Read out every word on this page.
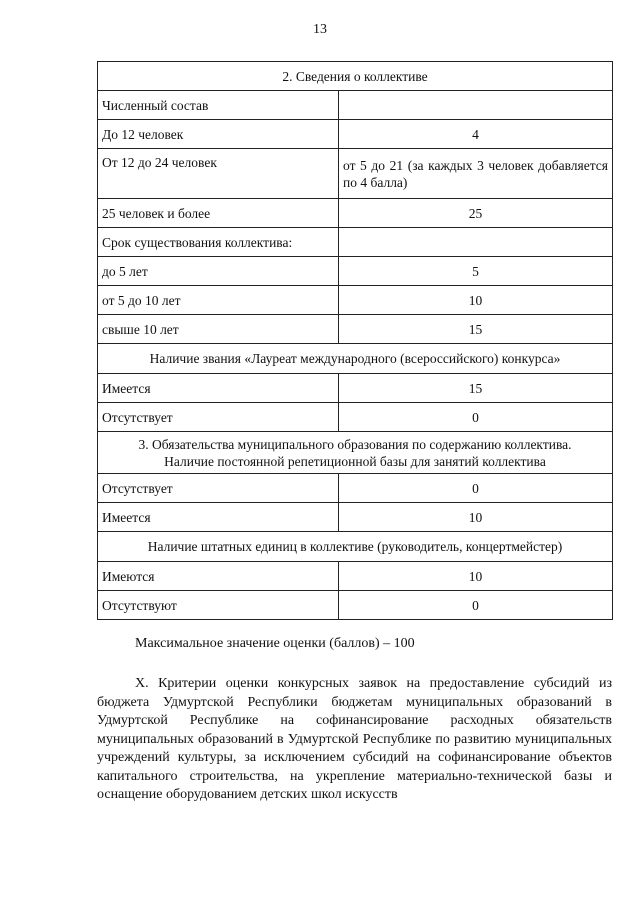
13
2. Сведения о коллективе	
Численный состав	
До 12 человек	4
От 12 до 24 человек	от 5 до 21 (за каждых 3 человек добавляется по 4 балла)
25 человек и более	25
Срок существования коллектива:	
до 5 лет	5
от 5 до 10 лет	10
свыше 10 лет	15
Наличие звания «Лауреат международного (всероссийского) конкурса»	
Имеется	15
Отсутствует	0

3. Обязательства муниципального образования по содержанию коллектива.
Наличие постоянной репетиционной базы для занятий коллектива	

Отсутствует	0
Имеется	10
Наличие штатных единиц в коллективе (руководитель, концертмейстер)	
Имеются	10
Отсутствуют	0
Максимальное значение оценки (баллов) – 100
X. Критерии оценки конкурсных заявок на предоставление субсидий из бюджета Удмуртской Республики бюджетам муниципальных образований в Удмуртской Республике на софинансирование расходных обязательств муниципальных образований в Удмуртской Республике по развитию муниципальных учреждений культуры, за исключением субсидий на софинансирование объектов капитального строительства, на укрепление материально-технической базы и оснащение оборудованием детских школ искусств
